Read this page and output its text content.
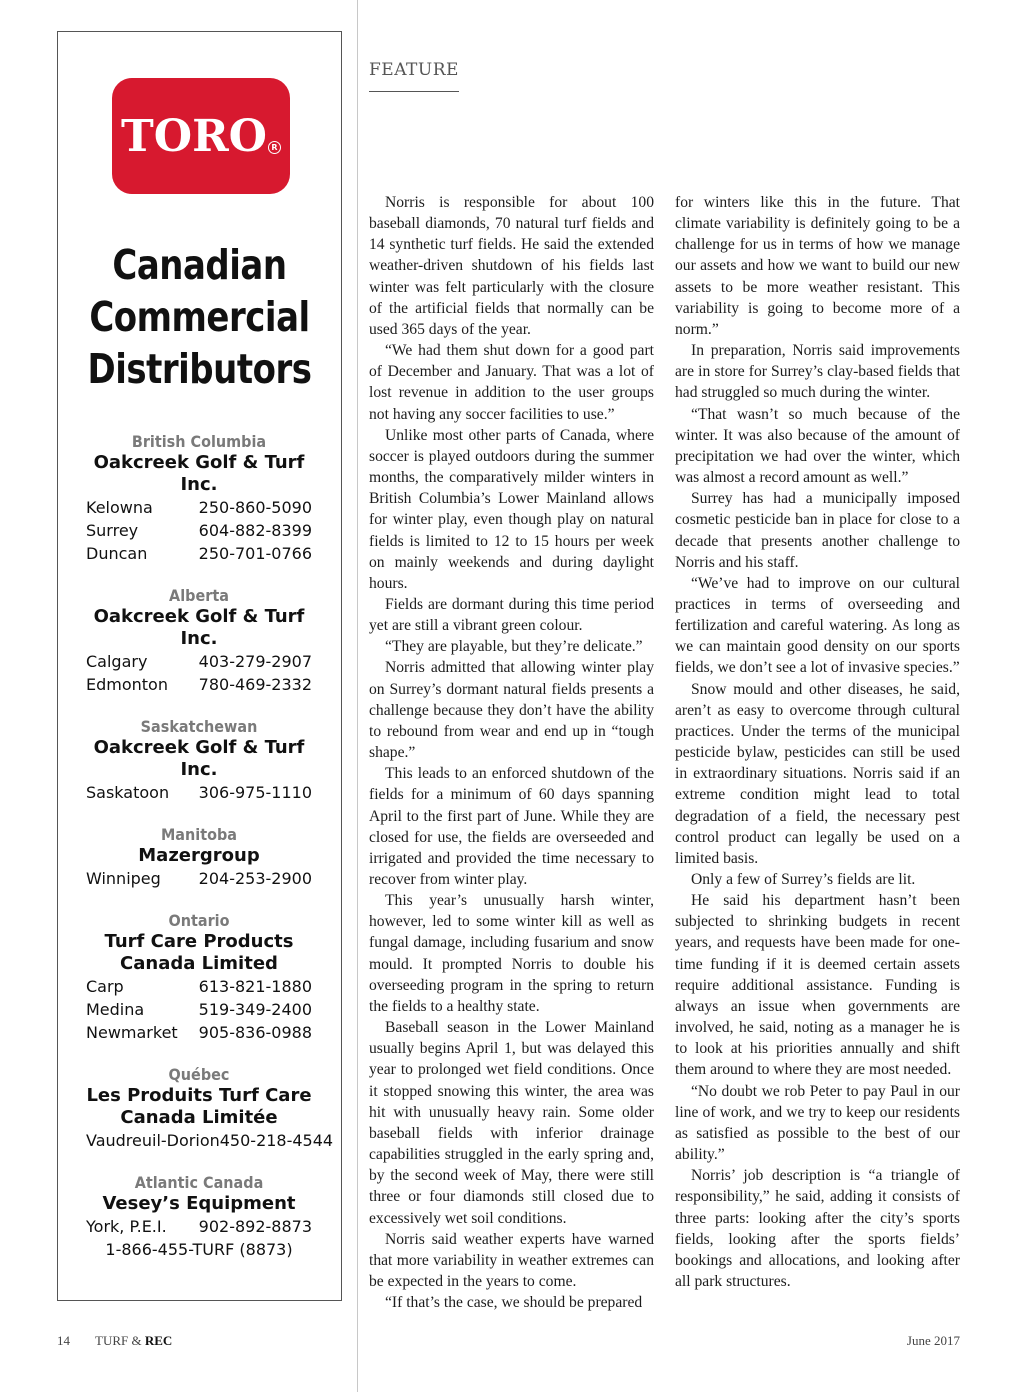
TORO R
Canadian
Commercial
Distributors
British Columbia
Oakcreek Golf & Turf Inc.
Kelowna	250-860-5090
Surrey	604-882-8399
Duncan	250-701-0766
Alberta
Oakcreek Golf & Turf Inc.
Calgary	403-279-2907
Edmonton 780-469-2332
Saskatchewan
Oakcreek Golf & Turf Inc.
Saskatoon 306-975-1110
Manitoba
Mazergroup
Winnipeg 204-253-2900
Ontario
Turf Care Products
Canada Limited
Carp	613-821-1880
Medina	519-349-2400
Newmarket 905-836-0988
Québec
Les Produits Turf Care
Canada Limitée
Vaudreuil-Dorion 450-218-4544
Atlantic Canada
Vesey’s Equipment
York, P.E.I. 902-892-8873
1-866-455-TURF (8873)
FEATURE

Norris is responsible for about 100 baseball diamonds, 70 natural turf fields and 14 synthetic turf fields. He said the extended weather-driven shutdown of his fields last winter was felt particularly with the closure of the artificial fields that normally can be used 365 days of the year.

“We had them shut down for a good part of December and January. That was a lot of lost revenue in addition to the user groups not having any soccer facilities to use.”

Unlike most other parts of Canada, where soccer is played outdoors during the summer months, the comparatively milder winters in British Columbia’s Lower Mainland allows for winter play, even though play on natural fields is limited to 12 to 15 hours per week on mainly weekends and during daylight hours.

Fields are dormant during this time period yet are still a vibrant green colour.

“They are playable, but they’re delicate.”

Norris admitted that allowing winter play on Surrey’s dormant natural fields presents a challenge because they don’t have the ability to rebound from wear and end up in “tough shape.”

This leads to an enforced shutdown of the fields for a minimum of 60 days spanning April to the first part of June. While they are closed for use, the fields are overseeded and irrigated and provided the time necessary to recover from winter play.

This year’s unusually harsh winter, however, led to some winter kill as well as fungal damage, including fusarium and snow mould. It prompted Norris to double his overseeding program in the spring to return the fields to a healthy state.

Baseball season in the Lower Mainland usually begins April 1, but was delayed this year to prolonged wet field conditions. Once it stopped snowing this winter, the area was hit with unusually heavy rain. Some older baseball fields with inferior drainage capabilities struggled in the early spring and, by the second week of May, there were still three or four diamonds still closed due to excessively wet soil conditions.

Norris said weather experts have warned that more variability in weather extremes can be expected in the years to come.

“If that’s the case, we should be prepared

for winters like this in the future. That climate variability is definitely going to be a challenge for us in terms of how we manage our assets and how we want to build our new assets to be more weather resistant. This variability is going to become more of a norm.”

In preparation, Norris said improvements are in store for Surrey’s clay-based fields that had struggled so much during the winter.

“That wasn’t so much because of the winter. It was also because of the amount of precipitation we had over the winter, which was almost a record amount as well.”

Surrey has had a municipally imposed cosmetic pesticide ban in place for close to a decade that presents another challenge to Norris and his staff.

“We’ve had to improve on our cultural practices in terms of overseeding and fertilization and careful watering. As long as we can maintain good density on our sports fields, we don’t see a lot of invasive species.”

Snow mould and other diseases, he said, aren’t as easy to overcome through cultural practices. Under the terms of the municipal pesticide bylaw, pesticides can still be used in extraordinary situations. Norris said if an extreme condition might lead to total degradation of a field, the necessary pest control product can legally be used on a limited basis.

Only a few of Surrey’s fields are lit.

He said his department hasn’t been subjected to shrinking budgets in recent years, and requests have been made for one-time funding if it is deemed certain assets require additional assistance. Funding is always an issue when governments are involved, he said, noting as a manager he is to look at his priorities annually and shift them around to where they are most needed.

“No doubt we rob Peter to pay Paul in our line of work, and we try to keep our residents as satisfied as possible to the best of our ability.”

Norris’ job description is “a triangle of responsibility,” he said, adding it consists of three parts: looking after the city’s sports fields, looking after the sports fields’ bookings and allocations, and looking after all park structures.

14 TURF & REC	June 2017
